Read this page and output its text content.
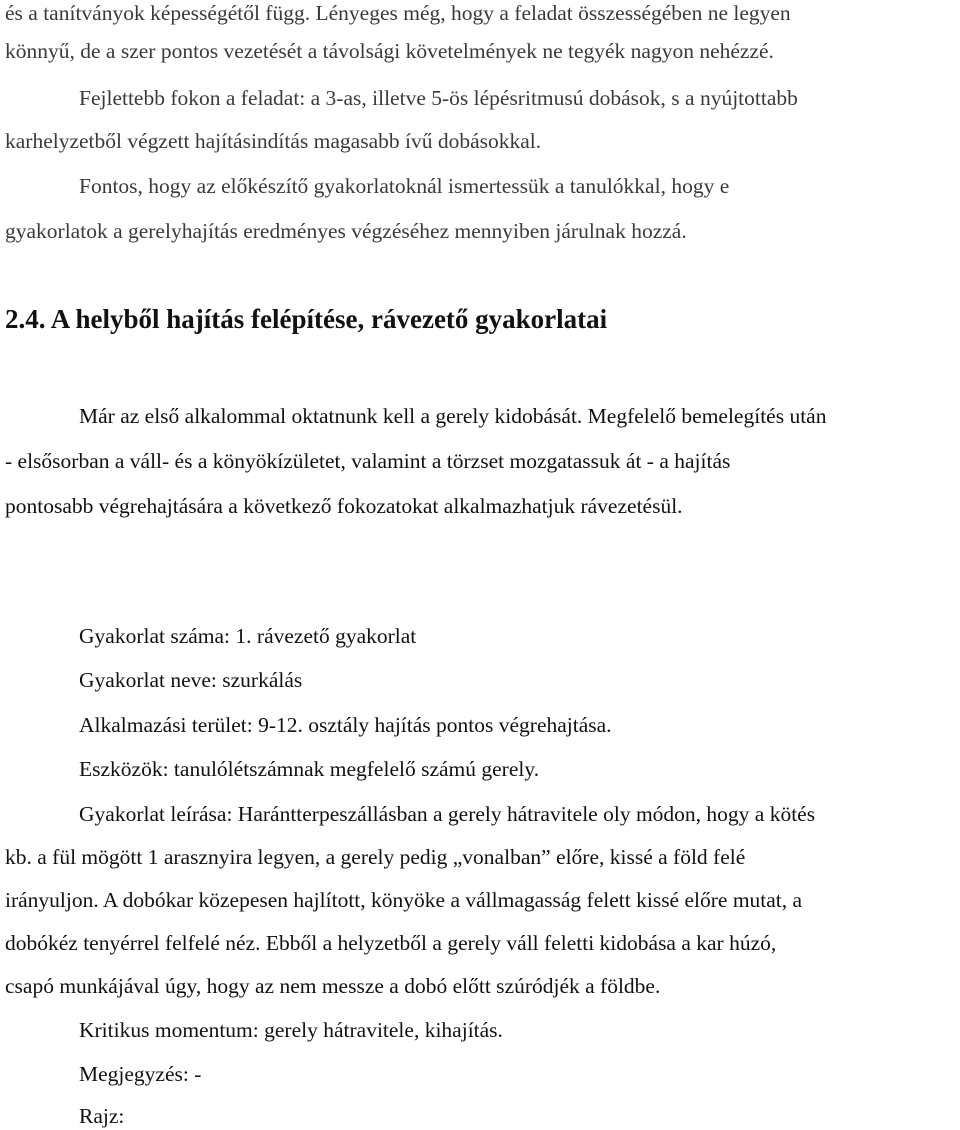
és a tanítványok képességétől függ. Lényeges még, hogy a feladat összességében ne legyen
könnyű, de a szer pontos vezetését a távolsági követelmények ne tegyék nagyon nehézzé.
Fejlettebb fokon a feladat: a 3-as, illetve 5-ös lépésritmusú dobások, s a nyújtottabb
karhelyzetből végzett hajításindítás magasabb ívű dobásokkal.
Fontos, hogy az előkészítő gyakorlatoknál ismertessük a tanulókkal, hogy e
gyakorlatok a gerelyhajítás eredményes végzéséhez mennyiben járulnak hozzá.
2.4. A helyből hajítás felépítése, rávezető gyakorlatai
Már az első alkalommal oktatnunk kell a gerely kidobását. Megfelelő bemelegítés után
- elsősorban a váll- és a könyökízületet, valamint a törzset mozgatassuk át - a hajítás
pontosabb végrehajtására a következő fokozatokat alkalmazhatjuk rávezetésül.
Gyakorlat száma: 1. rávezető gyakorlat
Gyakorlat neve: szurkálás
Alkalmazási terület: 9-12. osztály hajítás pontos végrehajtása.
Eszközök: tanulólétszámnak megfelelő számú gerely.
Gyakorlat leírása: Harántterpeszállásban a gerely hátravitele oly módon, hogy a kötés
kb. a fül mögött 1 arasznyira legyen, a gerely pedig „vonalban” előre, kissé a föld felé
irányuljon. A dobókar közepesen hajlított, könyöke a vállmagasság felett kissé előre mutat, a
dobókéz tenyérrel felfelé néz. Ebből a helyzetből a gerely váll feletti kidobása a kar húzó,
csapó munkájával úgy, hogy az nem messze a dobó előtt szúródjék a földbe.
Kritikus momentum: gerely hátravitele, kihajítás.
Megjegyzés: -
Rajz:
